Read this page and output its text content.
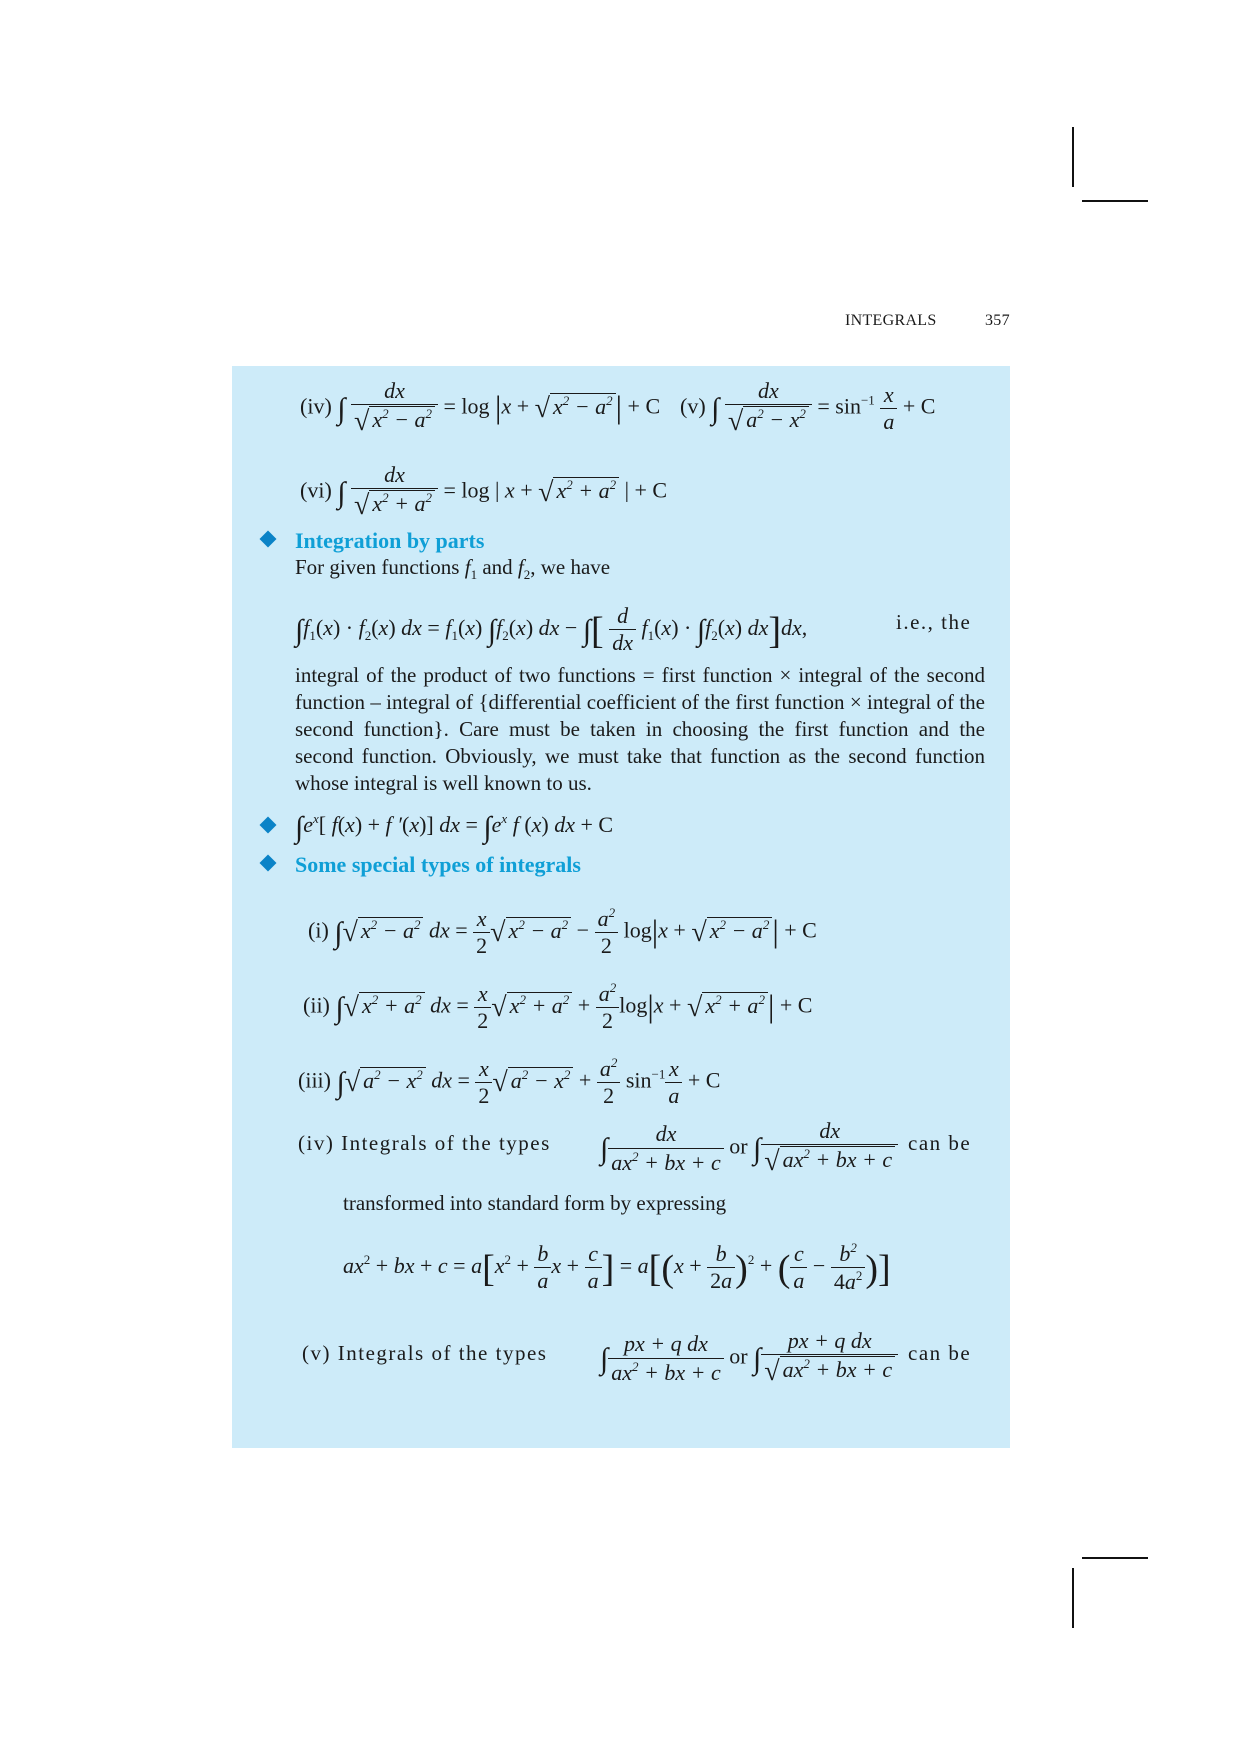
INTEGRALS	357
(iv) ∫ $\frac{dx}{√ x^2 - a^2} = \log |x$ + √ $x^2 - a^2| + C$ (v) ∫ $\frac{dx}{√ a^2 - x^2} = \sin^{-1} \frac{x}{a} + C$
(vi) ∫ $\frac{dx}{√ x^2 + a^2} = \log$ | x + √ $x^2 + a^2$ | + C
Integration by parts
For given functions $f_1$ and $f_2$, we have
$\int f_1(x) \cdot f_2(x)$ dx = $f_1(x)$ $\int f_2(x)$ dx − ∫[ $\frac{d}{dx} f_1(x) \cdot \int f_2(x)$ dx]dx,	i.e., the

integral of the product of two functions = first function × integral of the second function – integral of {differential coefficient of the first function × integral of the second function}. Care must be taken in choosing the first function and the second function. Obviously, we must take that function as the second function whose integral is well known to us.

$\int e^x$[ f(x) + f ′(x)] dx = $\int e^x$ f (x) dx + C
Some special types of integrals
(i) ∫√ $x^2 - a^2$ dx = $\frac{x}{2}$ √ $x^2 - a^2 - \frac{a^2}{2} \log|x$ + √ $x^2 - a^2| + C$
(ii) ∫√ $x^2 + a^2$ dx = $\frac{x}{2}$ √ $x^2 + a^2 + \frac{a^2}{2} \log|x$ + √ $x^2 + a^2| + C$
(iii) ∫√ $a^2 - x^2$ dx = $\frac{x}{2}$ √ $a^2 - x^2 + \frac{a^2}{2} \sin^{-1} \frac{x}{a} + C$
(iv) Integrals of the types ∫ $\frac{dx}{ax^2 + bx + c}$ or ∫ $\frac{dx}{√ ax^2 + bx + c}$ can be
transformed into standard form by expressing
$ax^2$ + bx + $c = a[x^2 + \frac{b}{a}$ $x + \frac{c}{a}$ ] = $a[(x + \frac{b}{2a} )^2$ + ( $\frac{c}{a} - \frac{b^2}{4a^2}$ )]
(v) Integrals of the types ∫ $\frac{\text{px + q dx}}{ax^2 + bx + c}$ or ∫ $\frac{\text{px + q dx}}{√ ax^2 + bx + c}$ can be
